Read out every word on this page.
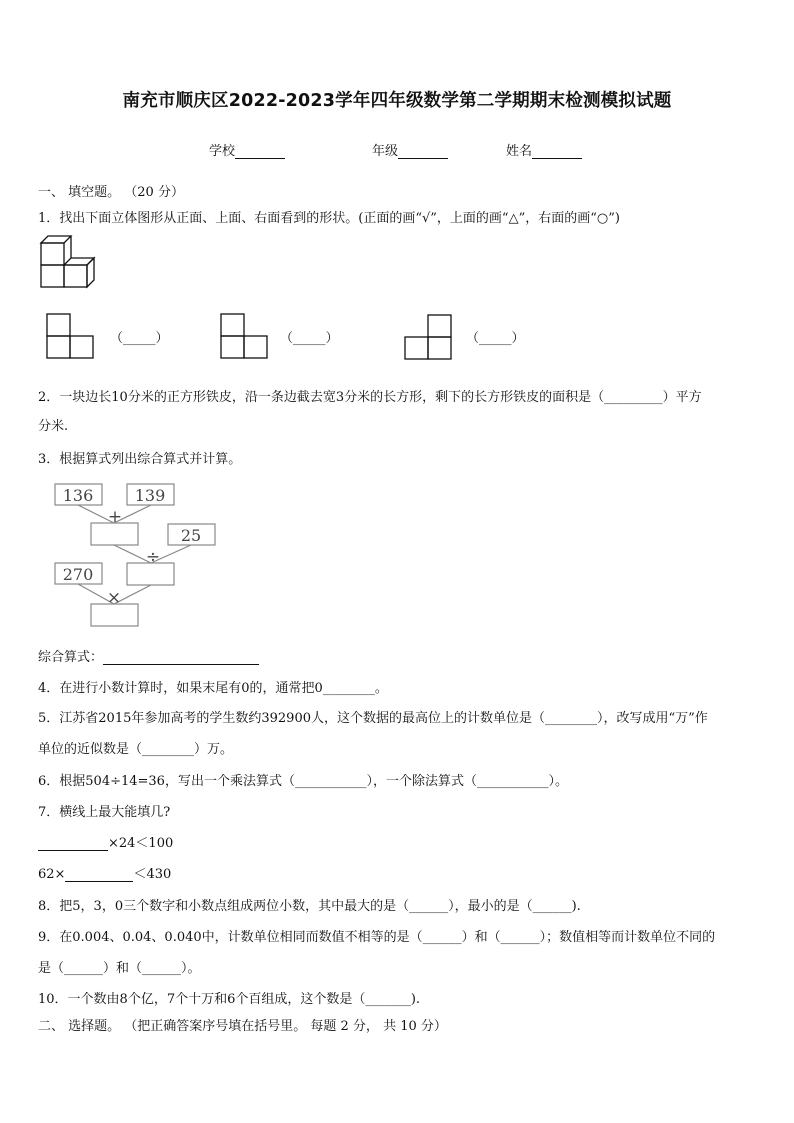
南充市顺庆区2022-2023学年四年级数学第二学期期末检测模拟试题
学校	年级	姓名
一、 填空题。 （20 分）
1．找出下面立体图形从正面、上面、右面看到的形状。(正面的画“√”，上面的画“△”，右面的画“○”)
（_____）	（_____）	（_____）
2．一块边长10分米的正方形铁皮，沿一条边截去宽3分米的长方形，剩下的长方形铁皮的面积是（_________）平方
分米.
3．根据算式列出综合算式并计算。
136	139
25
270
+
÷
×
综合算式：
4．在进行小数计算时，如果末尾有0的，通常把0________。
5．江苏省2015年参加高考的学生数约392900人，这个数据的最高位上的计数单位是（________），改写成用“万”作
单位的近似数是（________）万。
6．根据504÷14=36，写出一个乘法算式（___________），一个除法算式（___________）。
7．横线上最大能填几?
×24＜100
62×	＜430
8．把5，3，0三个数字和小数点组成两位小数，其中最大的是（______），最小的是（______).
9．在0.004、0.04、0.040中，计数单位相同而数值不相等的是（______）和（______）；数值相等而计数单位不同的
是（______）和（______）。
10．一个数由8个亿，7个十万和6个百组成，这个数是（_______).
二、 选择题。 （把正确答案序号填在括号里。 每题 2 分， 共 10 分）
